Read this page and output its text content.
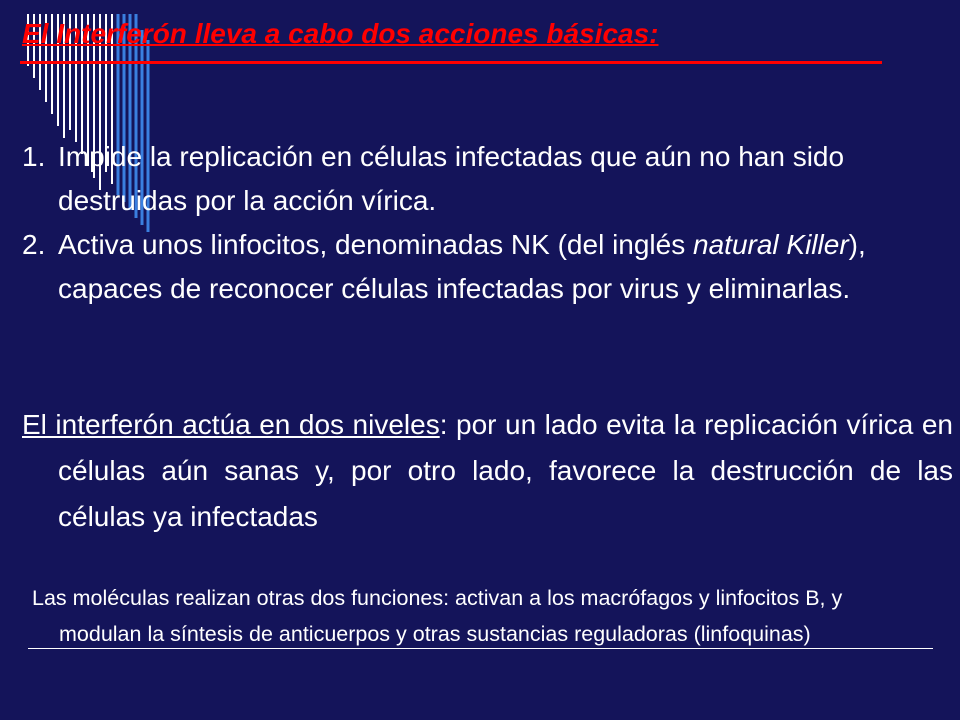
El Interferón lleva a cabo dos acciones básicas:
1. Impide la replicación en células infectadas que aún no han sido destruidas por la acción vírica.
2. Activa unos linfocitos, denominadas NK (del inglés natural Killer), capaces de reconocer células infectadas por virus y eliminarlas.

El interferón actúa en dos niveles: por un lado evita la replicación vírica en células aún sanas y, por otro lado, favorece la destrucción de las células ya infectadas

Las moléculas realizan otras dos funciones: activan a los macrófagos y linfocitos B, y modulan la síntesis de anticuerpos y otras sustancias reguladoras (linfoquinas)
